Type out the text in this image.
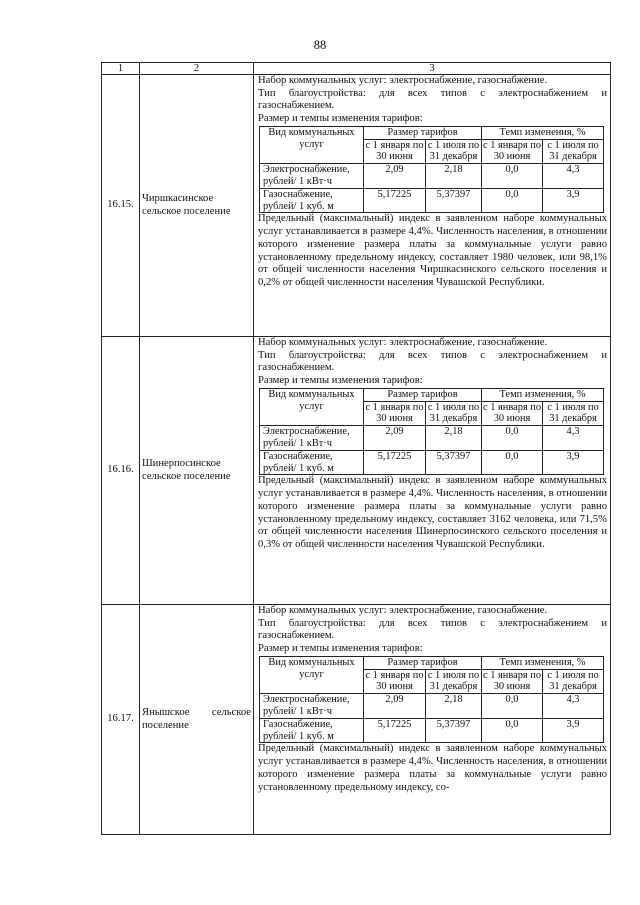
88
1	2	3
16.15.	Чиршкасинское сельское поселение	

Набор коммунальных услуг: электроснабжение, газоснабжение.

Тип благоустройства: для всех типов с электроснабжением и газоснабжением.

Размер и темпы изменения тарифов:

Вид коммунальных услуг	Размер тарифов	Темп изменения, %
с 1 января по 30 июня	с 1 июля по 31 декабря	с 1 января по 30 июня	с 1 июля по 31 декабря
Электроснабжение, рублей/ 1 кВт·ч	2,09	2,18	0,0	4,3
Газоснабжение, рублей/ 1 куб. м	5,17225	5,37397	0,0	3,9

Предельный (максимальный) индекс в заявленном наборе коммунальных услуг устанавливается в размере 4,4%. Численность населения, в отношении которого изменение размера платы за коммунальные услуги равно установленному предельному индексу, составляет 1980 человек, или 98,1% от общей численности населения Чиршкасинского сельского поселения и 0,2% от общей численности населения Чувашской Республики.

16.16.	Шинерпосинское сельское поселение	

Набор коммунальных услуг: электроснабжение, газоснабжение.

Тип благоустройства: для всех типов с электроснабжением и газоснабжением.

Размер и темпы изменения тарифов:

Вид коммунальных услуг	Размер тарифов	Темп изменения, %
с 1 января по 30 июня	с 1 июля по 31 декабря	с 1 января по 30 июня	с 1 июля по 31 декабря
Электроснабжение, рублей/ 1 кВт·ч	2,09	2,18	0,0	4,3
Газоснабжение, рублей/ 1 куб. м	5,17225	5,37397	0,0	3,9

Предельный (максимальный) индекс в заявленном наборе коммунальных услуг устанавливается в размере 4,4%. Численность населения, в отношении которого изменение размера платы за коммунальные услуги равно установленному предельному индексу, составляет 3162 человека, или 71,5% от общей численности населения Шинерпосинского сельского поселения и 0,3% от общей численности населения Чувашской Республики.

16.17.	Янышское сельское поселение	

Набор коммунальных услуг: электроснабжение, газоснабжение.

Тип благоустройства: для всех типов с электроснабжением и газоснабжением.

Размер и темпы изменения тарифов:

Вид коммунальных услуг	Размер тарифов	Темп изменения, %
с 1 января по 30 июня	с 1 июля по 31 декабря	с 1 января по 30 июня	с 1 июля по 31 декабря
Электроснабжение, рублей/ 1 кВт·ч	2,09	2,18	0,0	4,3
Газоснабжение, рублей/ 1 куб. м	5,17225	5,37397	0,0	3,9

Предельный (максимальный) индекс в заявленном наборе коммунальных услуг устанавливается в размере 4,4%. Численность населения, в отношении которого изменение размера платы за коммунальные услуги равно установленному предельному индексу, со-
